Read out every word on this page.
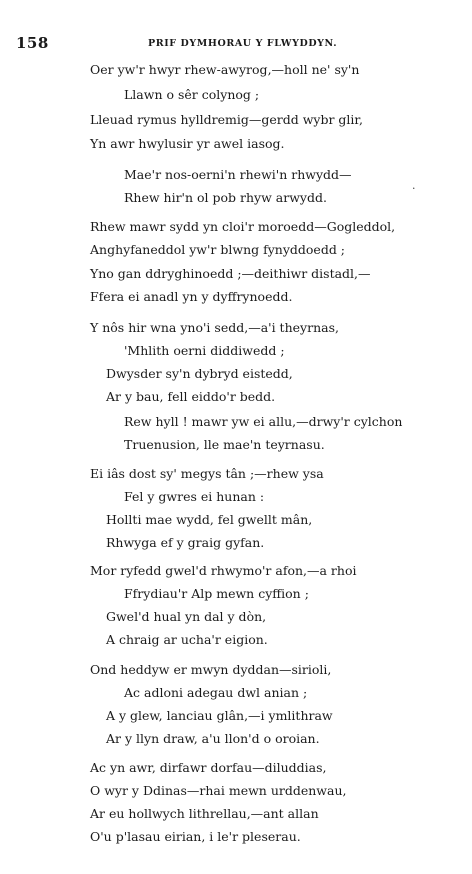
158	PRIF DYMHORAU Y FLWYDDYN.
Oer yw'r hwyr rhew-awyrog,—holl ne' sy'n
Llawn o sêr colynog ;
Lleuad rymus hylldremig—gerdd wybr glir,
Yn awr hwylusir yr awel iasog.
Mae'r nos-oerni'n rhewi'n rhwydd—
Rhew hir'n ol pob rhyw arwydd.
·
Rhew mawr sydd yn cloi'r moroedd—Gogleddol,
Anghyfaneddol yw'r blwng fynyddoedd ;
Yno gan ddryghinoedd ;—deithiwr distadl,—
Ffera ei anadl yn y dyffrynoedd.
Y nôs hir wna yno'i sedd,—a'i theyrnas,
'Mhlith oerni diddiwedd ;
Dwysder sy'n dybryd eistedd,
Ar y bau, fell eiddo'r bedd.
Rew hyll ! mawr yw ei allu,—drwy'r cylchon
Truenusion, lle mae'n teyrnasu.
Ei iâs dost sy' megys tân ;—rhew ysa
Fel y gwres ei hunan :
Hollti mae wydd, fel gwellt mân,
Rhwyga ef y graig gyfan.
Mor ryfedd gwel'd rhwymo'r afon,—a rhoi
Ffrydiau'r Alp mewn cyffion ;
Gwel'd hual yn dal y dòn,
A chraig ar ucha'r eigion.
Ond heddyw er mwyn dyddan—sirioli,
Ac adloni adegau dwl anian ;
A y glew, lanciau glân,—i ymlithraw
Ar y llyn draw, a'u llon'd o oroian.
Ac yn awr, dirfawr dorfau—diluddias,
O wyr y Ddinas—rhai mewn urddenwau,
Ar eu hollwych lithrellau,—ant allan
O'u p'lasau eirian, i le'r pleserau.
